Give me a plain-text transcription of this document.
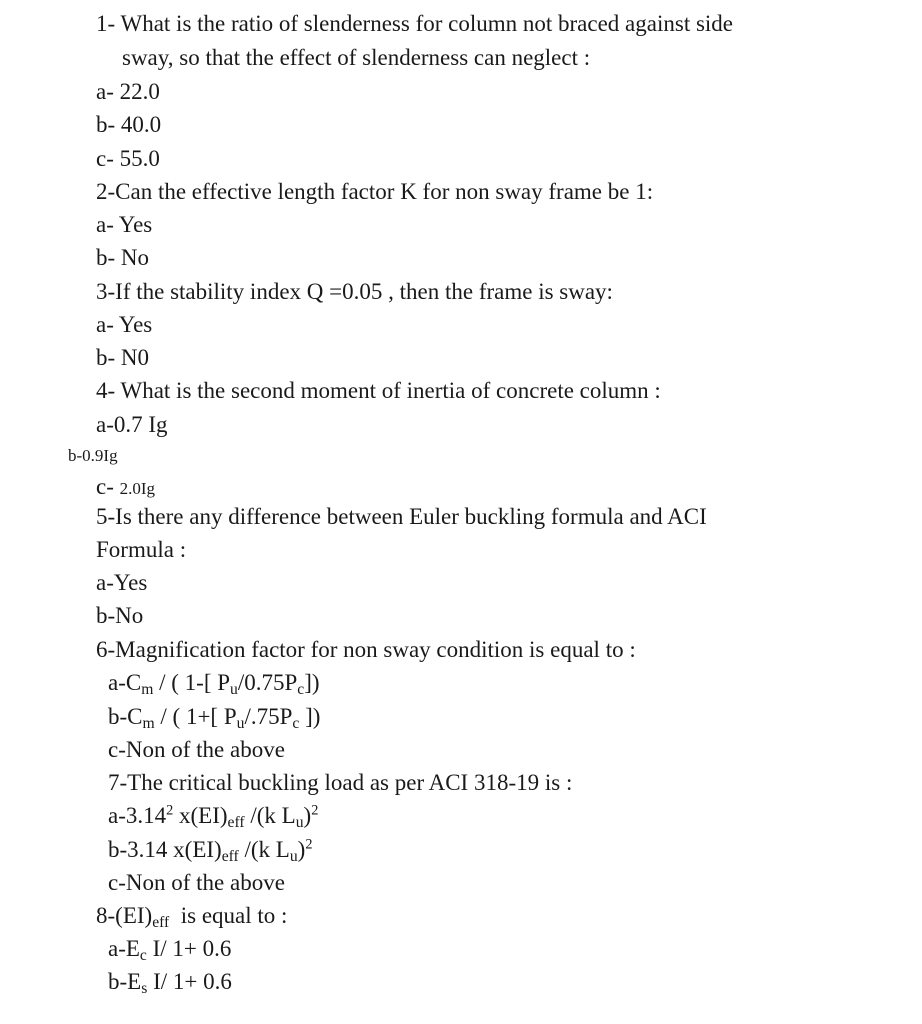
1- What is the ratio of slenderness for column not braced against side
sway, so that the effect of slenderness can neglect :
a- 22.0
b- 40.0
c- 55.0
2-Can the effective length factor K for non sway frame be 1:
a- Yes
b- No
3-If the stability index Q =0.05 , then the frame is sway:
a- Yes
b- N0
4- What is the second moment of inertia of concrete column :
a-0.7 Ig
b-0.9Ig
c- 2.0Ig
5-Is there any difference between Euler buckling formula and ACI
Formula :
a-Yes
b-No
6-Magnification factor for non sway condition is equal to :
$a-C_m$ / ( 1-[ $P_u/0.75P_c$])
$b-C_m$ / ( 1+[ $P_u/.75P_c$ ])
c-Non of the above
7-The critical buckling load as per ACI 318-19 is :
a-3.14$^2$ $x(EI)_{eff}$ /(k $L_u)^2$
b-3.14 $x(EI)_{eff}$ /(k $L_u)^2$
c-Non of the above
$8-(EI)_{eff}$  is equal to :
$a-E_c$ I/ 1+ 0.6
$b-E_s$ I/ 1+ 0.6
